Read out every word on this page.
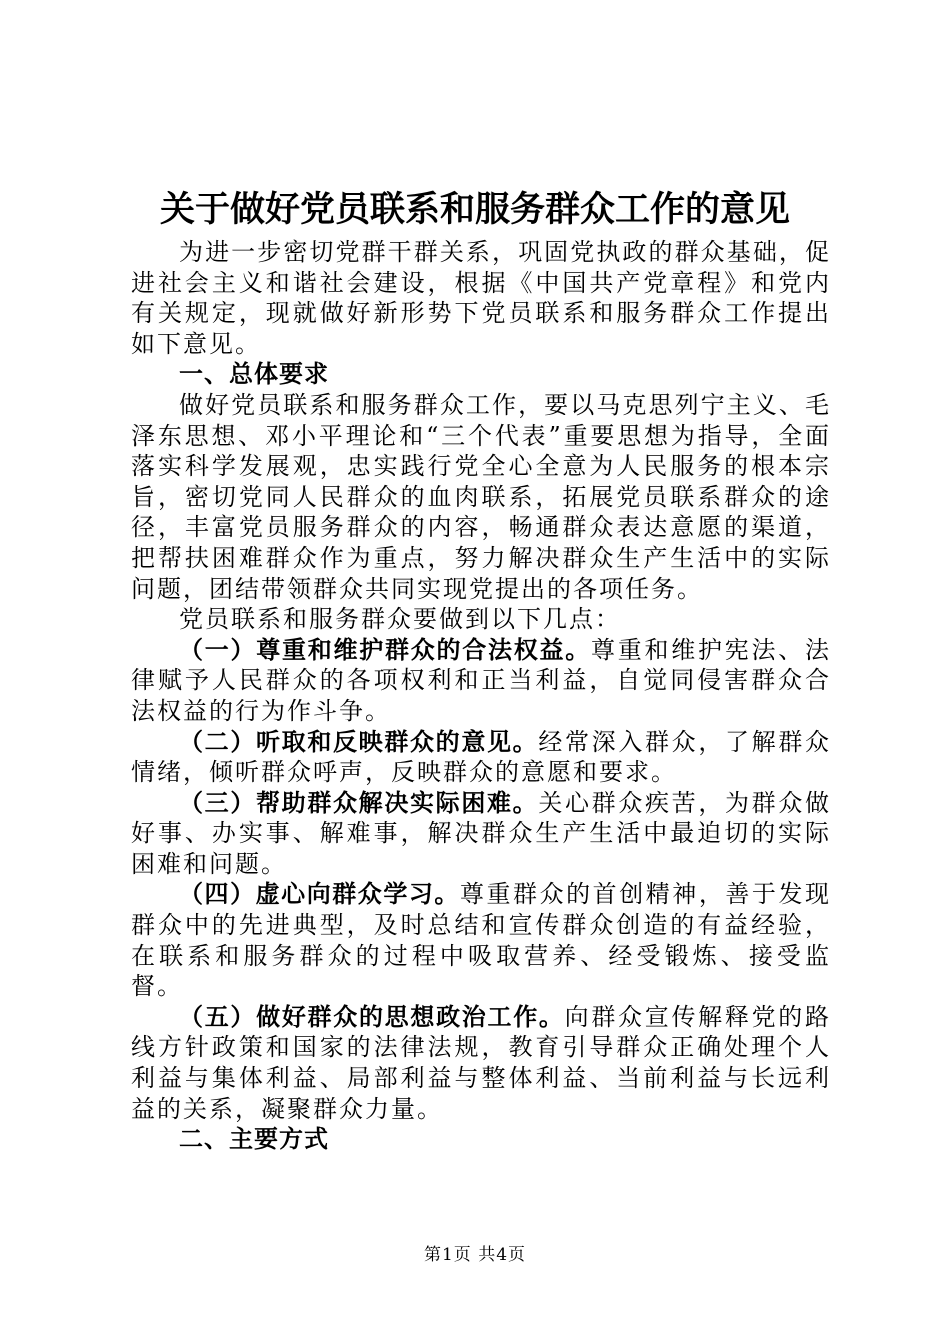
关于做好党员联系和服务群众工作的意见

为进一步密切党群干群关系，巩固党执政的群众基础，促进社会主义和谐社会建设，根据《中国共产党章程》和党内有关规定，现就做好新形势下党员联系和服务群众工作提出如下意见。

一、总体要求

做好党员联系和服务群众工作，要以马克思列宁主义、毛泽东思想、邓小平理论和“三个代表”重要思想为指导，全面落实科学发展观，忠实践行党全心全意为人民服务的根本宗旨，密切党同人民群众的血肉联系，拓展党员联系群众的途径，丰富党员服务群众的内容，畅通群众表达意愿的渠道，把帮扶困难群众作为重点，努力解决群众生产生活中的实际问题，团结带领群众共同实现党提出的各项任务。

党员联系和服务群众要做到以下几点：

（一）尊重和维护群众的合法权益。尊重和维护宪法、法律赋予人民群众的各项权利和正当利益，自觉同侵害群众合法权益的行为作斗争。

（二）听取和反映群众的意见。经常深入群众，了解群众情绪，倾听群众呼声，反映群众的意愿和要求。

（三）帮助群众解决实际困难。关心群众疾苦，为群众做好事、办实事、解难事，解决群众生产生活中最迫切的实际困难和问题。

（四）虚心向群众学习。尊重群众的首创精神，善于发现群众中的先进典型，及时总结和宣传群众创造的有益经验，在联系和服务群众的过程中吸取营养、经受锻炼、接受监督。

（五）做好群众的思想政治工作。向群众宣传解释党的路线方针政策和国家的法律法规，教育引导群众正确处理个人利益与集体利益、局部利益与整体利益、当前利益与长远利益的关系，凝聚群众力量。

二、主要方式
第1页 共4页
